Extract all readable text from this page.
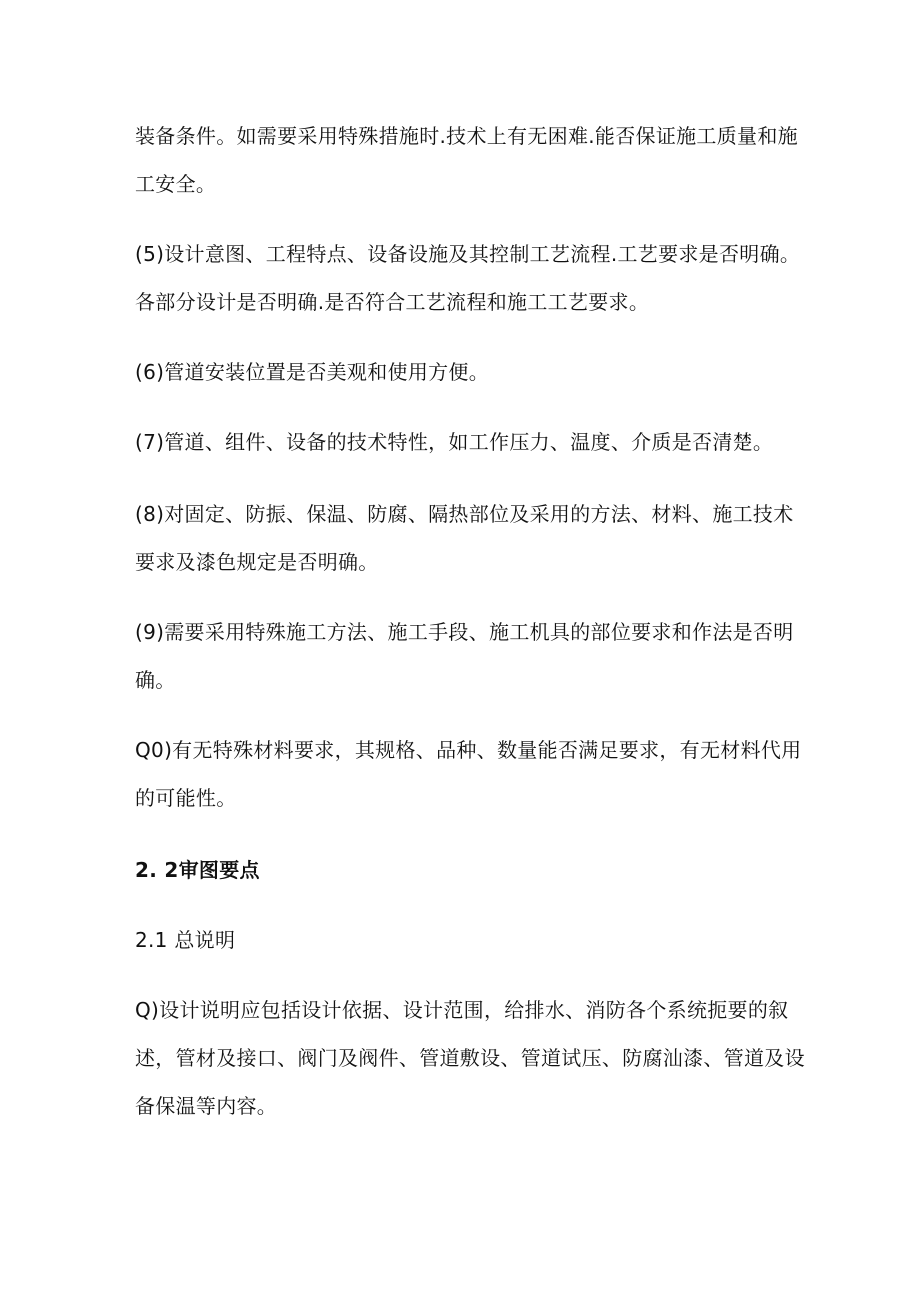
装备条件。如需要采用特殊措施时.技术上有无困难.能否保证施工质量和施
工安全。

(5)设计意图、工程特点、设备设施及其控制工艺流程.工艺要求是否明确。
各部分设计是否明确.是否符合工艺流程和施工工艺要求。

(6)管道安装位置是否美观和使用方便。

(7)管道、组件、设备的技术特性，如工作压力、温度、介质是否清楚。

(8)对固定、防振、保温、防腐、隔热部位及采用的方法、材料、施工技术
要求及漆色规定是否明确。

(9)需要采用特殊施工方法、施工手段、施工机具的部位要求和作法是否明
确。

Q0)有无特殊材料要求，其规格、品种、数量能否满足要求，有无材料代用
的可能性。

2. 2审图要点

2.1 总说明

Q)设计说明应包括设计依据、设计范围，给排水、消防各个系统扼要的叙
述，管材及接口、阀门及阀件、管道敷设、管道试压、防腐汕漆、管道及设
备保温等内容。
